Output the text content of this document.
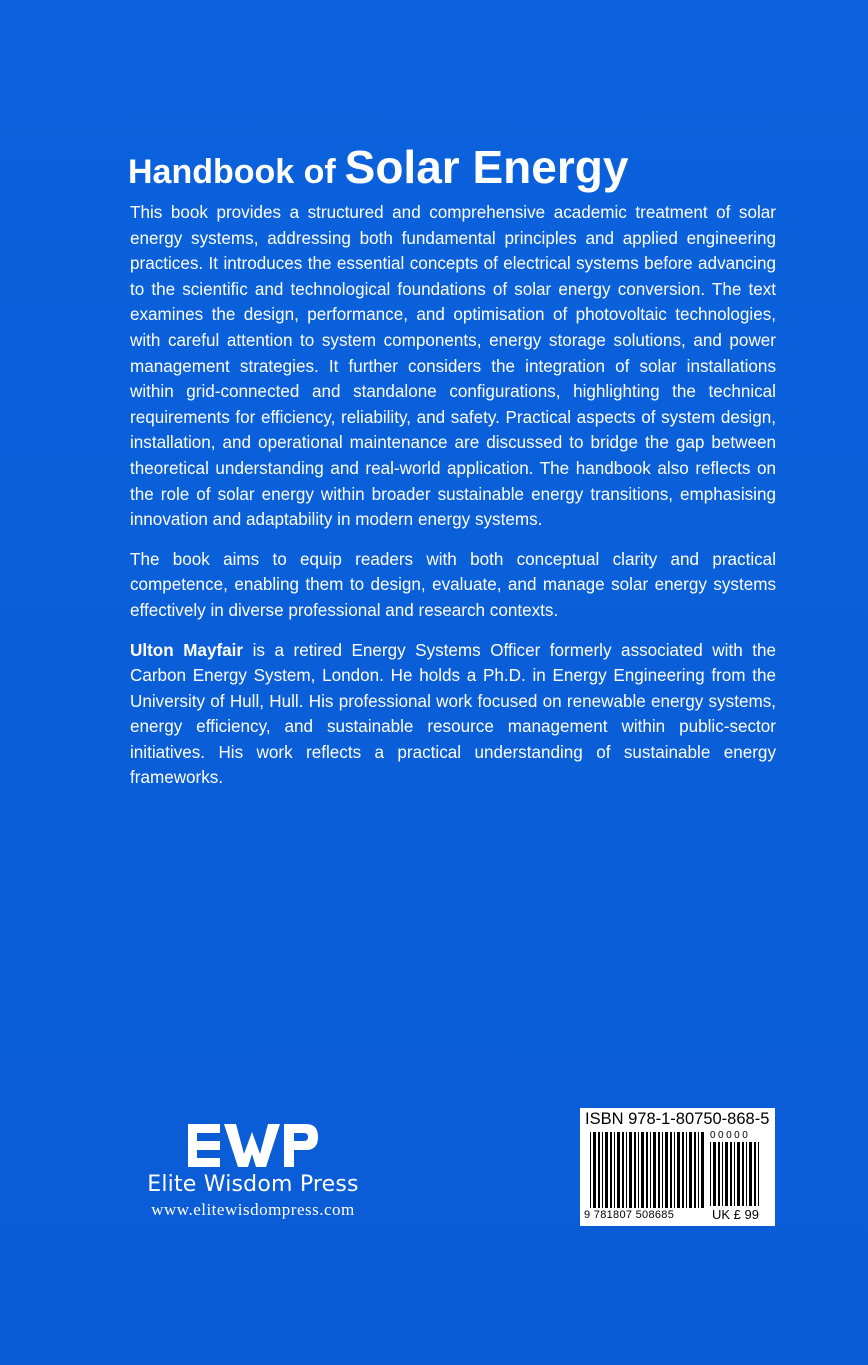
Handbook of Solar Energy

This book provides a structured and comprehensive academic treatment of solar energy systems, addressing both fundamental principles and applied engineering practices. It introduces the essential concepts of electrical systems before advancing to the scientific and technological foundations of solar energy conversion. The text examines the design, performance, and optimisation of photovoltaic technologies, with careful attention to system components, energy storage solutions, and power management strategies. It further considers the integration of solar installations within grid-connected and standalone configurations, highlighting the technical requirements for efficiency, reliability, and safety. Practical aspects of system design, installation, and operational maintenance are discussed to bridge the gap between theoretical understanding and real-world application. The handbook also reflects on the role of solar energy within broader sustainable energy transitions, emphasising innovation and adaptability in modern energy systems.

The book aims to equip readers with both conceptual clarity and practical competence, enabling them to design, evaluate, and manage solar energy systems effectively in diverse professional and research contexts.

Ulton Mayfair is a retired Energy Systems Officer formerly associated with the Carbon Energy System, London. He holds a Ph.D. in Energy Engineering from the University of Hull, Hull. His professional work focused on renewable energy systems, energy efficiency, and sustainable resource management within public-sector initiatives. His work reflects a practical understanding of sustainable energy frameworks.

Elite Wisdom Press
www.elitewisdompress.com
ISBN 978-1-80750-868-5
00000
9 781807 508685	UK £ 99
